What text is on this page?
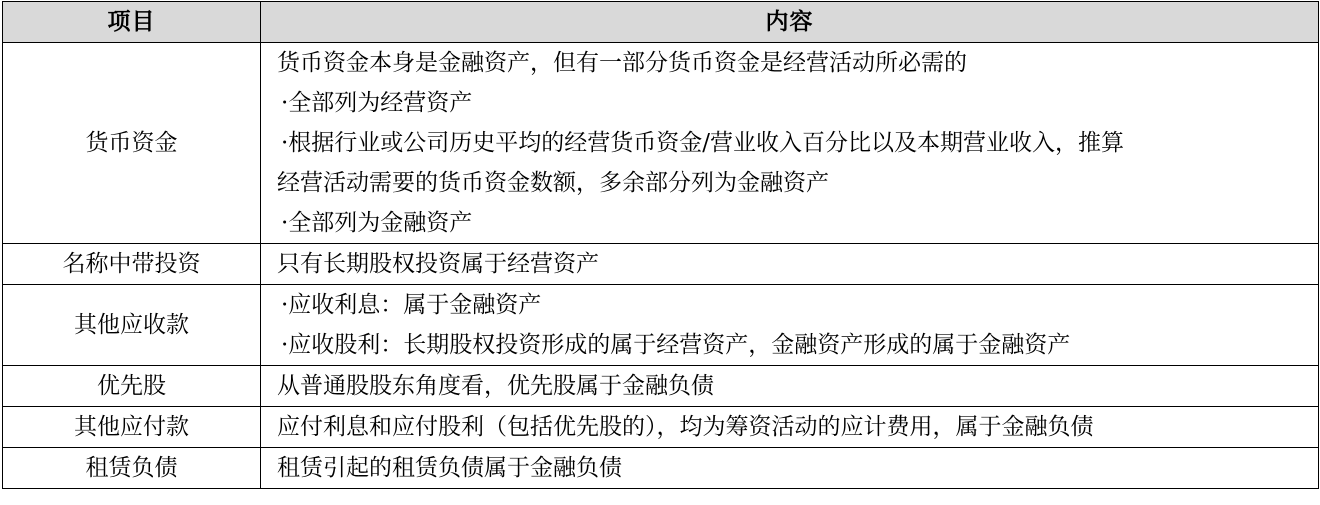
项目	内容
货币资金	货币资金本身是金融资产，但有一部分货币资金是经营活动所必需的
·全部列为经营资产
·根据行业或公司历史平均的经营货币资金/营业收入百分比以及本期营业收入，推算
经营活动需要的货币资金数额，多余部分列为金融资产
·全部列为金融资产

名称中带投资	只有长期股权投资属于经营资产

其他应收款	·应收利息：属于金融资产
·应收股利：长期股权投资形成的属于经营资产，金融资产形成的属于金融资产

优先股	从普通股股东角度看，优先股属于金融负债

其他应付款	应付利息和应付股利（包括优先股的），均为筹资活动的应计费用，属于金融负债

租赁负债	租赁引起的租赁负债属于金融负债
